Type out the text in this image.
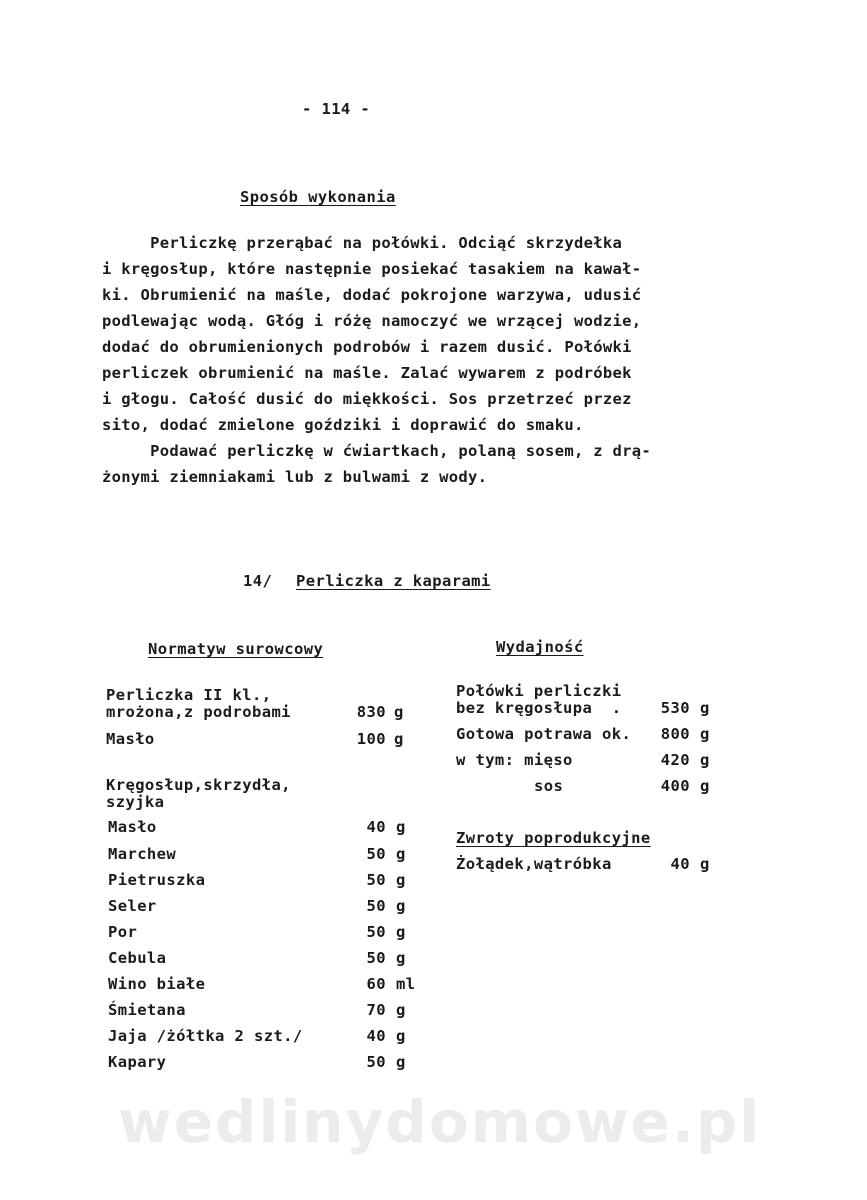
- 114 -
Sposób wykonania
Perliczkę przerąbać na połówki. Odciąć skrzydełka
i kręgosłup, które następnie posiekać tasakiem na kawał-
ki. Obrumienić na maśle, dodać pokrojone warzywa, udusić
podlewając wodą. Głóg i różę namoczyć we wrzącej wodzie,
dodać do obrumienionych podrobów i razem dusić. Połówki
perliczek obrumienić na maśle. Zalać wywarem z podróbek
i głogu. Całość dusić do miękkości. Sos przetrzeć przez
sito, dodać zmielone goździki i doprawić do smaku.
Podawać perliczkę w ćwiartkach, polaną sosem, z drą-
żonymi ziemniakami lub z bulwami z wody.
14/ Perliczka z kaparami
Normatyw surowcowy
Perliczka II kl.,
mrożona,z podrobami	830 g
Masło	100 g
Kręgosłup,skrzydła,
szyjka
Masło	40 g
Marchew	50 g
Pietruszka	50 g
Seler	50 g
Por	50 g
Cebula	50 g
Wino białe	60 ml
Śmietana	70 g
Jaja /żółtka 2 szt./	40 g
Kapary	50 g
Wydajność
Połówki perliczki
bez kręgosłupa  .	530 g
Gotowa potrawa ok.	800 g
w tym: mięso	420 g
sos	400 g
Zwroty poprodukcyjne
Żołądek,wątróbka	40 g
wedlinydomowe.pl
